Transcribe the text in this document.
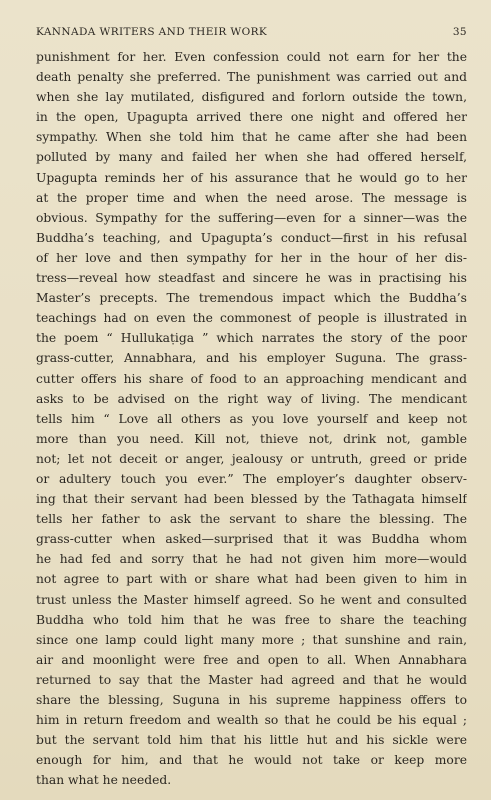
KANNADA WRITERS AND THEIR WORK	35
punishment for her. Even confession could not earn for her the
death penalty she preferred. The punishment was carried out and
when she lay mutilated, disfigured and forlorn outside the town,
in the open, Upagupta arrived there one night and offered her
sympathy. When she told him that he came after she had been
polluted by many and failed her when she had offered herself,
Upagupta reminds her of his assurance that he would go to her
at the proper time and when the need arose. The message is
obvious. Sympathy for the suffering—even for a sinner—was the
Buddha’s teaching, and Upagupta’s conduct—first in his refusal
of her love and then sympathy for her in the hour of her dis-
tress—reveal how steadfast and sincere he was in practising his
Master’s precepts. The tremendous impact which the Buddha’s
teachings had on even the commonest of people is illustrated in
the poem “ Hullukaṭiga ” which narrates the story of the poor
grass-cutter, Annabhara, and his employer Suguna. The grass-
cutter offers his share of food to an approaching mendicant and
asks to be advised on the right way of living. The mendicant
tells him “ Love all others as you love yourself and keep not
more than you need. Kill not, thieve not, drink not, gamble
not; let not deceit or anger, jealousy or untruth, greed or pride
or adultery touch you ever.” The employer’s daughter observ-
ing that their servant had been blessed by the Tathagata himself
tells her father to ask the servant to share the blessing. The
grass-cutter when asked—surprised that it was Buddha whom
he had fed and sorry that he had not given him more—would
not agree to part with or share what had been given to him in
trust unless the Master himself agreed. So he went and consulted
Buddha who told him that he was free to share the teaching
since one lamp could light many more ; that sunshine and rain,
air and moonlight were free and open to all. When Annabhara
returned to say that the Master had agreed and that he would
share the blessing, Suguna in his supreme happiness offers to
him in return freedom and wealth so that he could be his equal ;
but the servant told him that his little hut and his sickle were
enough for him, and that he would not take or keep more
than what he needed.
